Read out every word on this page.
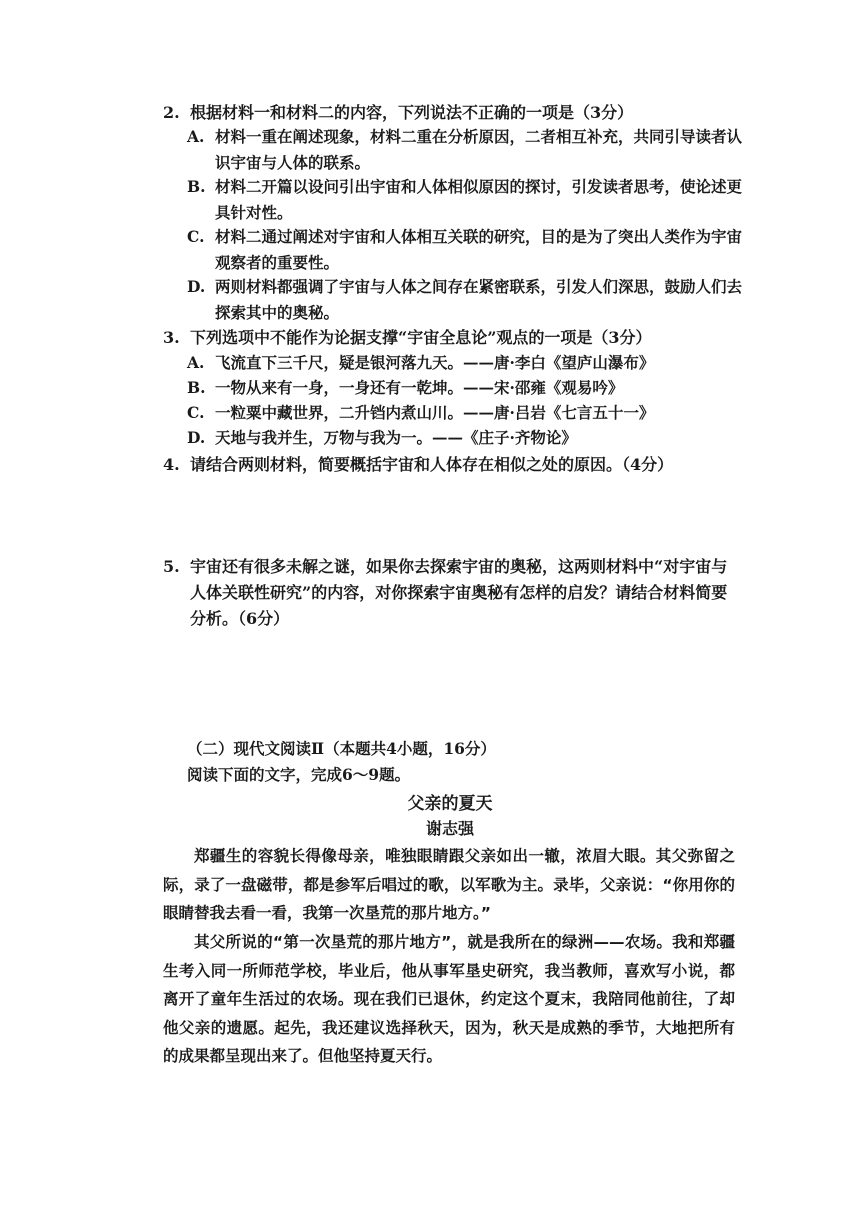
2. 根据材料一和材料二的内容，下列说法不正确的一项是（3分）
A. 材料一重在阐述现象，材料二重在分析原因，二者相互补充，共同引导读者认识宇宙与人体的联系。
B. 材料二开篇以设问引出宇宙和人体相似原因的探讨，引发读者思考，使论述更具针对性。
C. 材料二通过阐述对宇宙和人体相互关联的研究，目的是为了突出人类作为宇宙观察者的重要性。
D. 两则材料都强调了宇宙与人体之间存在紧密联系，引发人们深思，鼓励人们去探索其中的奥秘。
3. 下列选项中不能作为论据支撑“宇宙全息论”观点的一项是（3分）
A. 飞流直下三千尺，疑是银河落九天。——唐·李白《望庐山瀑布》
B. 一物从来有一身，一身还有一乾坤。——宋·邵雍《观易吟》
C. 一粒粟中藏世界，二升铛内煮山川。——唐·吕岩《七言五十一》
D. 天地与我并生，万物与我为一。——《庄子·齐物论》
4. 请结合两则材料，简要概括宇宙和人体存在相似之处的原因。（4分）
5. 宇宙还有很多未解之谜，如果你去探索宇宙的奥秘，这两则材料中“对宇宙与人体关联性研究”的内容，对你探索宇宙奥秘有怎样的启发？请结合材料简要分析。（6分）
（二）现代文阅读Ⅱ（本题共4小题，16分）
阅读下面的文字，完成6～9题。
父亲的夏天
谢志强
郑疆生的容貌长得像母亲，唯独眼睛跟父亲如出一辙，浓眉大眼。其父弥留之际，录了一盘磁带，都是参军后唱过的歌，以军歌为主。录毕，父亲说：“你用你的眼睛替我去看一看，我第一次垦荒的那片地方。”
其父所说的“第一次垦荒的那片地方”，就是我所在的绿洲——农场。我和郑疆生考入同一所师范学校，毕业后，他从事军垦史研究，我当教师，喜欢写小说，都离开了童年生活过的农场。现在我们已退休，约定这个夏末，我陪同他前往，了却他父亲的遗愿。起先，我还建议选择秋天，因为，秋天是成熟的季节，大地把所有的成果都呈现出来了。但他坚持夏天行。
